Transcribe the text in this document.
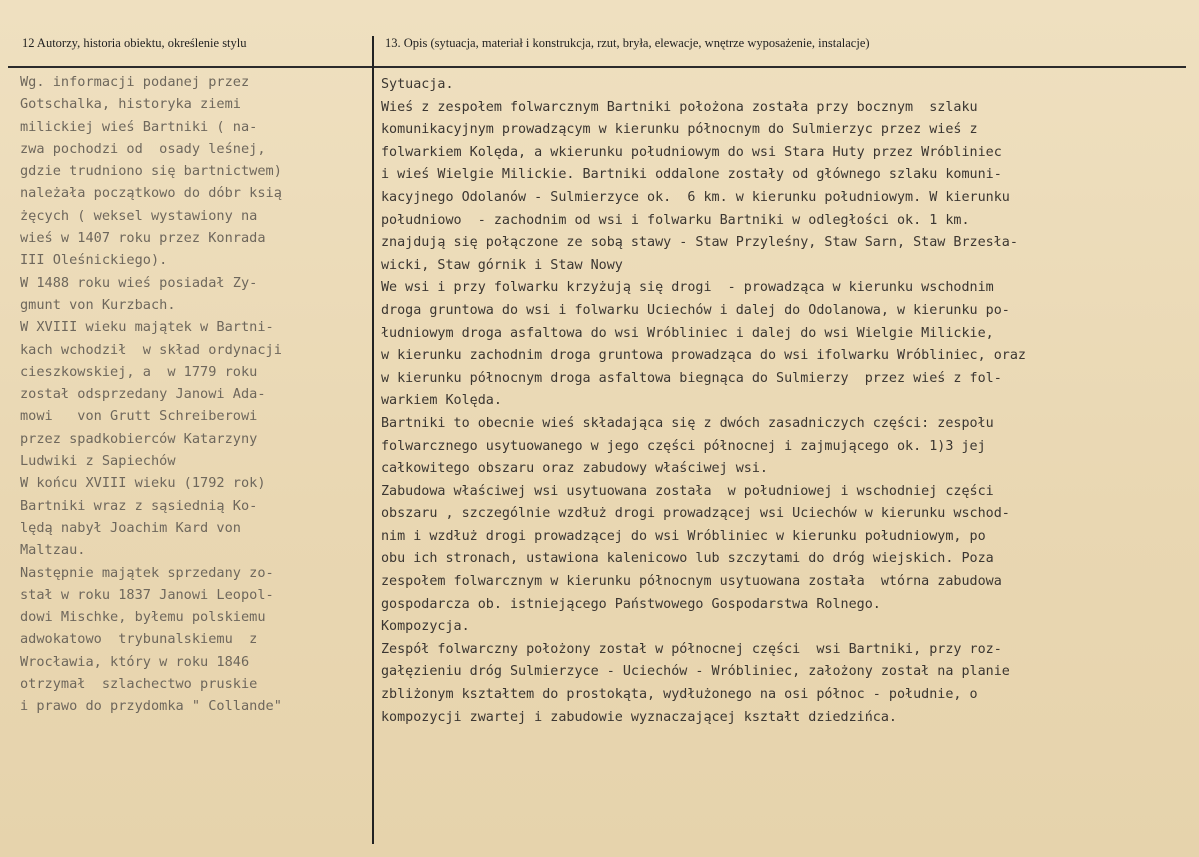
12 Autorzy, historia obiektu, określenie stylu	13. Opis (sytuacja, materiał i konstrukcja, rzut, bryła, elewacje, wnętrze wyposażenie, instalacje)
Wg. informacji podanej przez
Gotschalka, historyka ziemi
milickiej wieś Bartniki ( na-
zwa pochodzi od  osady leśnej,
gdzie trudniono się bartnictwem)
należała początkowo do dóbr ksią
żęcych ( weksel wystawiony na
wieś w 1407 roku przez Konrada
III Oleśnickiego).
W 1488 roku wieś posiadał Zy-
gmunt von Kurzbach.
W XVIII wieku majątek w Bartni-
kach wchodził  w skład ordynacji
cieszkowskiej, a  w 1779 roku
został odsprzedany Janowi Ada-
mowi   von Grutt Schreiberowi
przez spadkobierców Katarzyny
Ludwiki z Sapiechów
W końcu XVIII wieku (1792 rok)
Bartniki wraz z sąsiednią Ko-
lędą nabył Joachim Kard von
Maltzau.
Następnie majątek sprzedany zo-
stał w roku 1837 Janowi Leopol-
dowi Mischke, byłemu polskiemu
adwokatowo  trybunalskiemu  z
Wrocławia, który w roku 1846
otrzymał  szlachectwo pruskie
i prawo do przydomka " Collande"
Sytuacja.
Wieś z zespołem folwarcznym Bartniki położona została przy bocznym  szlaku
komunikacyjnym prowadzącym w kierunku północnym do Sulmierzyc przez wieś z
folwarkiem Kolęda, a wkierunku południowym do wsi Stara Huty przez Wróbliniec
i wieś Wielgie Milickie. Bartniki oddalone zostały od głównego szlaku komuni-
kacyjnego Odolanów - Sulmierzyce ok.  6 km. w kierunku południowym. W kierunku
południowo  - zachodnim od wsi i folwarku Bartniki w odległości ok. 1 km.
znajdują się połączone ze sobą stawy - Staw Przyleśny, Staw Sarn, Staw Brzesła-
wicki, Staw górnik i Staw Nowy
We wsi i przy folwarku krzyżują się drogi  - prowadząca w kierunku wschodnim
droga gruntowa do wsi i folwarku Uciechów i dalej do Odolanowa, w kierunku po-
łudniowym droga asfaltowa do wsi Wróbliniec i dalej do wsi Wielgie Milickie,
w kierunku zachodnim droga gruntowa prowadząca do wsi ifolwarku Wróbliniec, oraz
w kierunku północnym droga asfaltowa biegnąca do Sulmierzy  przez wieś z fol-
warkiem Kolęda.
Bartniki to obecnie wieś składająca się z dwóch zasadniczych części: zespołu
folwarcznego usytuowanego w jego części północnej i zajmującego ok. 1)3 jej
całkowitego obszaru oraz zabudowy właściwej wsi.
Zabudowa właściwej wsi usytuowana została  w południowej i wschodniej części
obszaru , szczególnie wzdłuż drogi prowadzącej wsi Uciechów w kierunku wschod-
nim i wzdłuż drogi prowadzącej do wsi Wróbliniec w kierunku południowym, po
obu ich stronach, ustawiona kalenicowo lub szczytami do dróg wiejskich. Poza
zespołem folwarcznym w kierunku północnym usytuowana została  wtórna zabudowa
gospodarcza ob. istniejącego Państwowego Gospodarstwa Rolnego.
Kompozycja.
Zespół folwarczny położony został w północnej części  wsi Bartniki, przy roz-
gałęzieniu dróg Sulmierzyce - Uciechów - Wróbliniec, założony został na planie
zbliżonym kształtem do prostokąta, wydłużonego na osi północ - południe, o
kompozycji zwartej i zabudowie wyznaczającej kształt dziedzińca.
